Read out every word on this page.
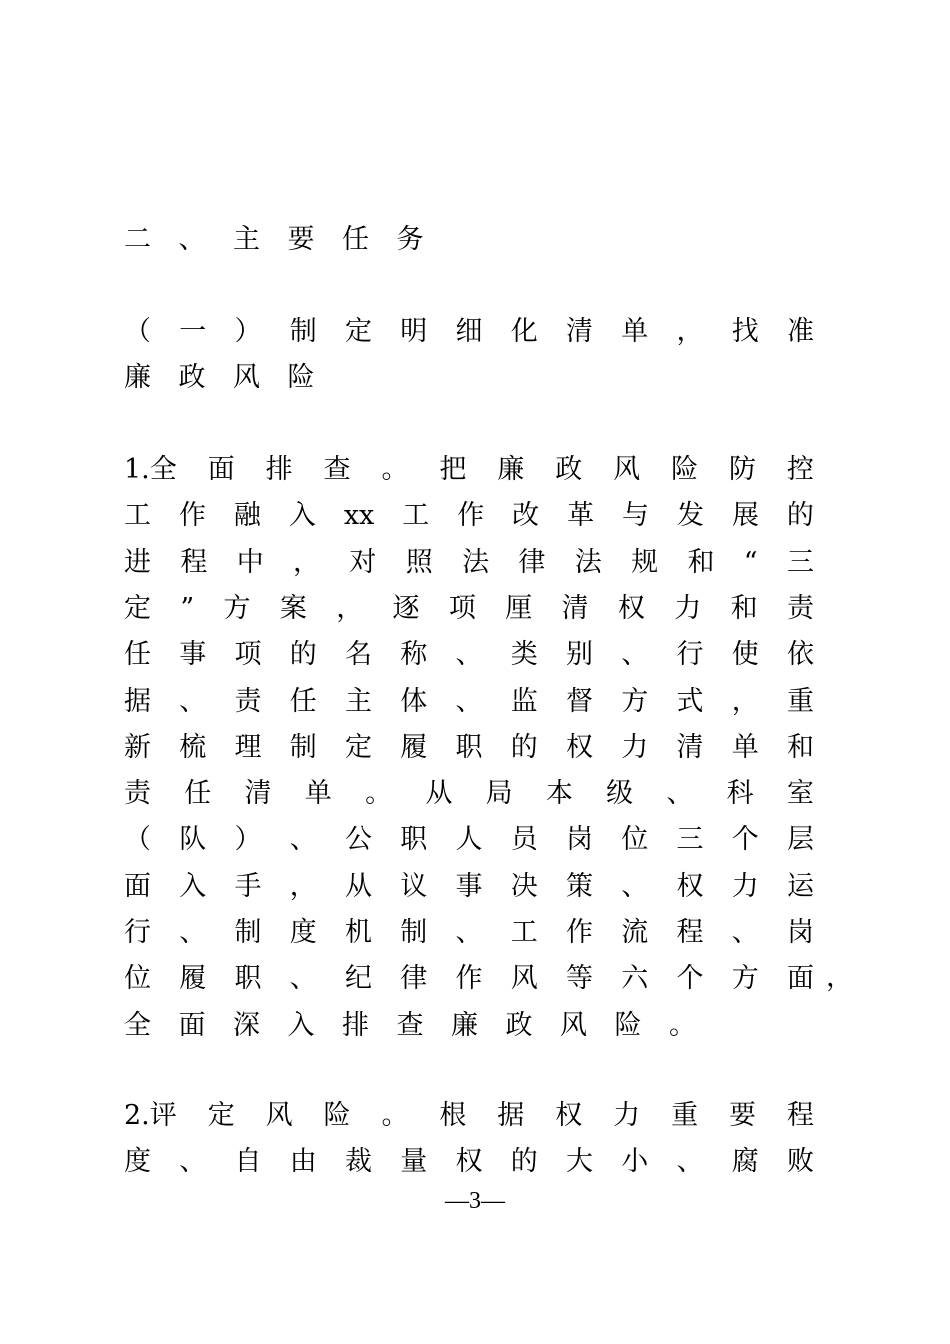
二	、	主	要	任	务
（ 一 ） 制 定 明 细 化 清 单 ， 找 准
廉	政	风	险
1.全 面 排 查 。 把 廉 政 风 险 防 控
工 作 融 入 xx 工 作 改 革 与 发 展 的
进 程 中 ， 对 照 法 律 法 规 和 “ 三
定 ” 方 案 ， 逐 项 厘 清 权 力 和 责
任 事 项 的 名 称 、 类 别 、 行 使 依
据 、 责 任 主 体 、 监 督 方 式 ， 重
新 梳 理 制 定 履 职 的 权 力 清 单 和
责 任 清 单 。 从 局 本 级 、 科 室
（ 队 ） 、 公 职 人 员 岗 位 三 个 层
面 入 手 ， 从 议 事 决 策 、 权 力 运
行 、 制 度 机 制 、 工 作 流 程 、 岗
位 履 职 、 纪 律 作 风 等 六 个 方 面
全	面	深	入	排	查	廉	政	风	险	。
，
2.评 定 风 险 。 根 据 权 力 重 要 程
度 、 自 由 裁 量 权 的 大 小 、 腐 败
—3—
